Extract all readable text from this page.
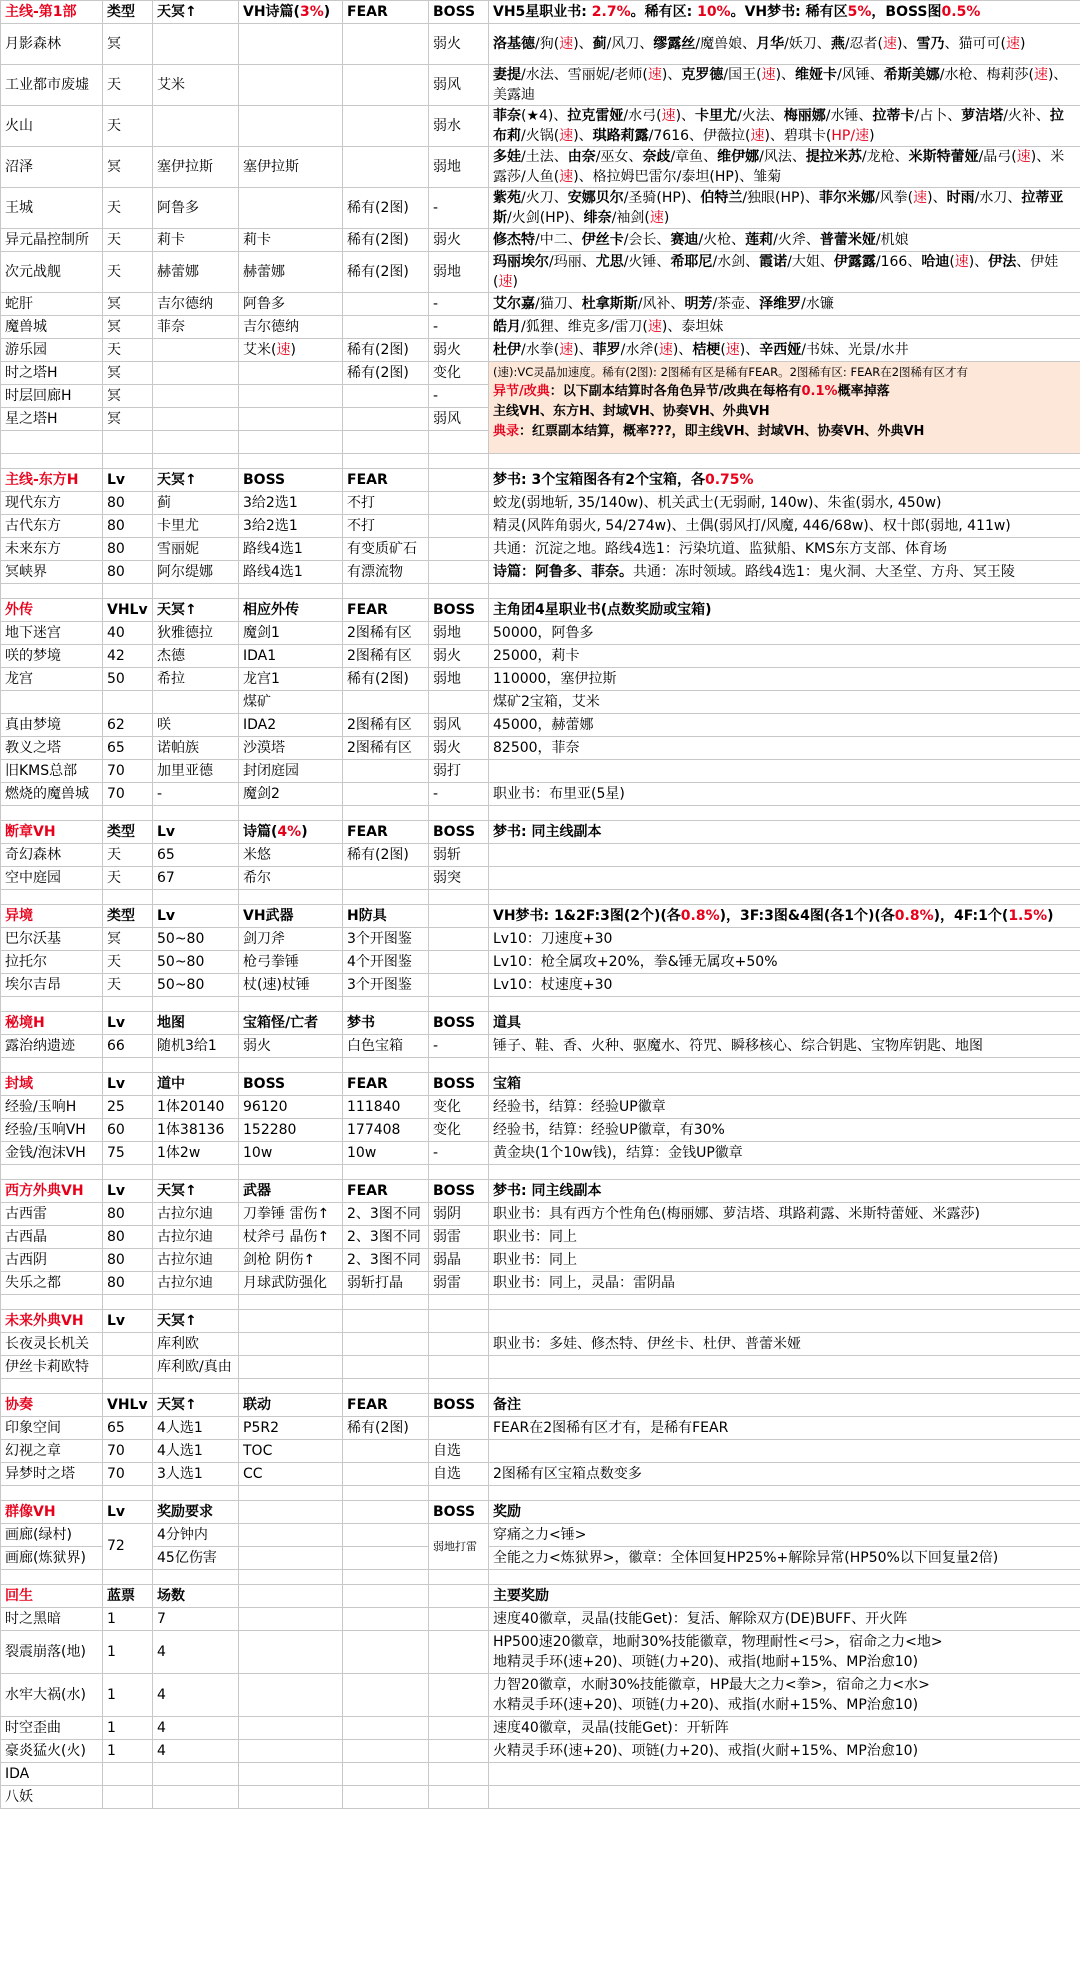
主线-第1部	类型	天冥↑	VH诗篇(3%)	FEAR	BOSS	VH5星职业书: 2.7%。稀有区: 10%。VH梦书: 稀有区5%，BOSS图0.5%
月影森林	冥				弱火	洛基德/狗(速)、蓟/风刀、缪露丝/魔兽娘、月华/妖刀、燕/忍者(速)、雪乃、猫可可(速)
工业都市废墟	天	艾米			弱风	妻提/水法、雪丽妮/老师(速)、克罗德/国王(速)、维娅卡/风锤、希斯美娜/水枪、梅莉莎(速)、美露迪
火山	天				弱水	菲奈(★4)、拉克雷娅/水弓(速)、卡里尤/火法、梅丽娜/水锤、拉蒂卡/占卜、萝洁塔/火补、拉布莉/火锅(速)、琪路莉露/7616、伊薇拉(速)、碧琪卡(HP/速)
沼泽	冥	塞伊拉斯	塞伊拉斯		弱地	多娃/土法、由奈/巫女、奈歧/章鱼、维伊娜/风法、提拉米苏/龙枪、米斯特蕾娅/晶弓(速)、米露莎/人鱼(速)、格拉姆巴雷尔/泰坦(HP)、雏菊
王城	天	阿鲁多		稀有(2图)	-	紫苑/火刀、安娜贝尔/圣骑(HP)、伯特兰/独眼(HP)、菲尔米娜/风拳(速)、时雨/水刀、拉蒂亚斯/火剑(HP)、绯奈/袖剑(速)
异元晶控制所	天	莉卡	莉卡	稀有(2图)	弱火	修杰特/中二、伊丝卡/会长、赛迪/火枪、莲莉/火斧、普蕾米娅/机娘
次元战舰	天	赫蕾娜	赫蕾娜	稀有(2图)	弱地	玛丽埃尔/玛丽、尤思/火锤、希耶尼/水剑、霞诺/大姐、伊露露/166、哈迪(速)、伊法、伊娃(速)
蛇肝	冥	吉尔德纳	阿鲁多		-	艾尔嘉/猫刀、杜拿斯斯/风补、明芳/茶壶、泽维罗/水镰
魔兽城	冥	菲奈	吉尔德纳		-	皓月/狐狸、维克多/雷刀(速)、泰坦妹
游乐园	天		艾米(速)	稀有(2图)	弱火	杜伊/水拳(速)、菲罗/水斧(速)、桔梗(速)、辛西娅/书妹、光景/水井
时之塔H	冥			稀有(2图)	变化	(速):VC灵晶加速度。稀有(2图): 2图稀有区是稀有FEAR。2图稀有区: FEAR在2图稀有区才有
异节/改典：以下副本结算时各角色异节/改典在每格有0.1%概率掉落
主线VH、东方H、封域VH、协奏VH、外典VH
典录：红票副本结算，概率???，即主线VH、封域VH、协奏VH、外典VH

时层回廊H	冥				-	
星之塔H	冥				弱风	

主线-东方H	Lv	天冥↑	BOSS	FEAR		梦书: 3个宝箱图各有2个宝箱，各0.75%
现代东方	80	蓟	3给2选1	不打		蛟龙(弱地斩, 35/140w)、机关武士(无弱耐, 140w)、朱雀(弱水, 450w)
古代东方	80	卡里尤	3给2选1	不打		精灵(风阵角弱火, 54/274w)、土偶(弱风打/风魔, 446/68w)、权十郎(弱地, 411w)
未来东方	80	雪丽妮	路线4选1	有变质矿石		共通：沉淀之地。路线4选1：污染坑道、监狱船、KMS东方支部、体育场
冥峡界	80	阿尔缇娜	路线4选1	有漂流物		诗篇：阿鲁多、菲奈。共通：冻时领域。路线4选1：鬼火洞、大圣堂、方舟、冥王陵

外传	VHLv	天冥↑	相应外传	FEAR	BOSS	主角团4星职业书(点数奖励或宝箱)
地下迷宫	40	狄雅德拉	魔剑1	2图稀有区	弱地	50000，阿鲁多
咲的梦境	42	杰德	IDA1	2图稀有区	弱火	25000，莉卡
龙宫	50	希拉	龙宫1	稀有(2图)	弱地	110000，塞伊拉斯
			煤矿			煤矿2宝箱，艾米
真由梦境	62	咲	IDA2	2图稀有区	弱风	45000，赫蕾娜
教义之塔	65	诺帕族	沙漠塔	2图稀有区	弱火	82500，菲奈
旧KMS总部	70	加里亚德	封闭庭园		弱打	
燃烧的魔兽城	70	-	魔剑2		-	职业书：布里亚(5星)

断章VH	类型	Lv	诗篇(4%)	FEAR	BOSS	梦书: 同主线副本
奇幻森林	天	65	米悠	稀有(2图)	弱斩	
空中庭园	天	67	希尔		弱突	

异境	类型	Lv	VH武器	H防具		VH梦书: 1&2F:3图(2个)(各0.8%)，3F:3图&4图(各1个)(各0.8%)，4F:1个(1.5%)
巴尔沃基	冥	50~80	剑刀斧	3个开图鉴		Lv10：刀速度+30
拉托尔	天	50~80	枪弓拳锤	4个开图鉴		Lv10：枪全属攻+20%，拳&锤无属攻+50%
埃尔吉昂	天	50~80	杖(速)杖锤	3个开图鉴		Lv10：杖速度+30

秘境H	Lv	地图	宝箱怪/亡者	梦书	BOSS	道具
露治纳遗迹	66	随机3给1	弱火	白色宝箱	-	锤子、鞋、香、火种、驱魔水、符咒、瞬移核心、综合钥匙、宝物库钥匙、地图

封域	Lv	道中	BOSS	FEAR	BOSS	宝箱
经验/玉响H	25	1体20140	96120	111840	变化	经验书，结算：经验UP徽章
经验/玉响VH	60	1体38136	152280	177408	变化	经验书，结算：经验UP徽章，有30%
金钱/泡沫VH	75	1体2w	10w	10w	-	黄金块(1个10w钱)，结算：金钱UP徽章

西方外典VH	Lv	天冥↑	武器	FEAR	BOSS	梦书: 同主线副本
古西雷	80	古拉尔迪	刀拳锤 雷伤↑	2、3图不同	弱阴	职业书：具有西方个性角色(梅丽娜、萝洁塔、琪路莉露、米斯特蕾娅、米露莎)
古西晶	80	古拉尔迪	杖斧弓 晶伤↑	2、3图不同	弱雷	职业书：同上
古西阴	80	古拉尔迪	剑枪 阴伤↑	2、3图不同	弱晶	职业书：同上
失乐之都	80	古拉尔迪	月球武防强化	弱斩打晶	弱雷	职业书：同上，灵晶：雷阴晶

未来外典VH	Lv	天冥↑				
长夜灵长机关		库利欧				职业书：多娃、修杰特、伊丝卡、杜伊、普蕾米娅
伊丝卡莉欧特		库利欧/真由				

协奏	VHLv	天冥↑	联动	FEAR	BOSS	备注
印象空间	65	4人选1	P5R2	稀有(2图)		FEAR在2图稀有区才有，是稀有FEAR
幻视之章	70	4人选1	TOC		自选	
异梦时之塔	70	3人选1	CC		自选	2图稀有区宝箱点数变多

群像VH	Lv	奖励要求			BOSS	奖励
画廊(绿村)	72	4分钟内			弱地打雷	穿痛之力<锤>
画廊(炼狱界)		45亿伤害				全能之力<炼狱界>，徽章：全体回复HP25%+解除异常(HP50%以下回复量2倍)

回生	蓝票	场数				主要奖励
时之黑暗	1	7				速度40徽章，灵晶(技能Get)：复活、解除双方(DE)BUFF、开火阵

裂震崩落(地)	1	4				HP500速20徽章，地耐30%技能徽章，物理耐性<弓>，宿命之力<地>
地精灵手环(速+20)、项链(力+20)、戒指(地耐+15%、MP治愈10)

水牢大祸(水)	1	4				力智20徽章，水耐30%技能徽章，HP最大之力<拳>，宿命之力<水>
水精灵手环(速+20)、项链(力+20)、戒指(水耐+15%、MP治愈10)

时空歪曲	1	4				速度40徽章，灵晶(技能Get)：开斩阵

豪炎猛火(火)	1	4				火精灵手环(速+20)、项链(力+20)、戒指(火耐+15%、MP治愈10)

IDA						

八妖						
